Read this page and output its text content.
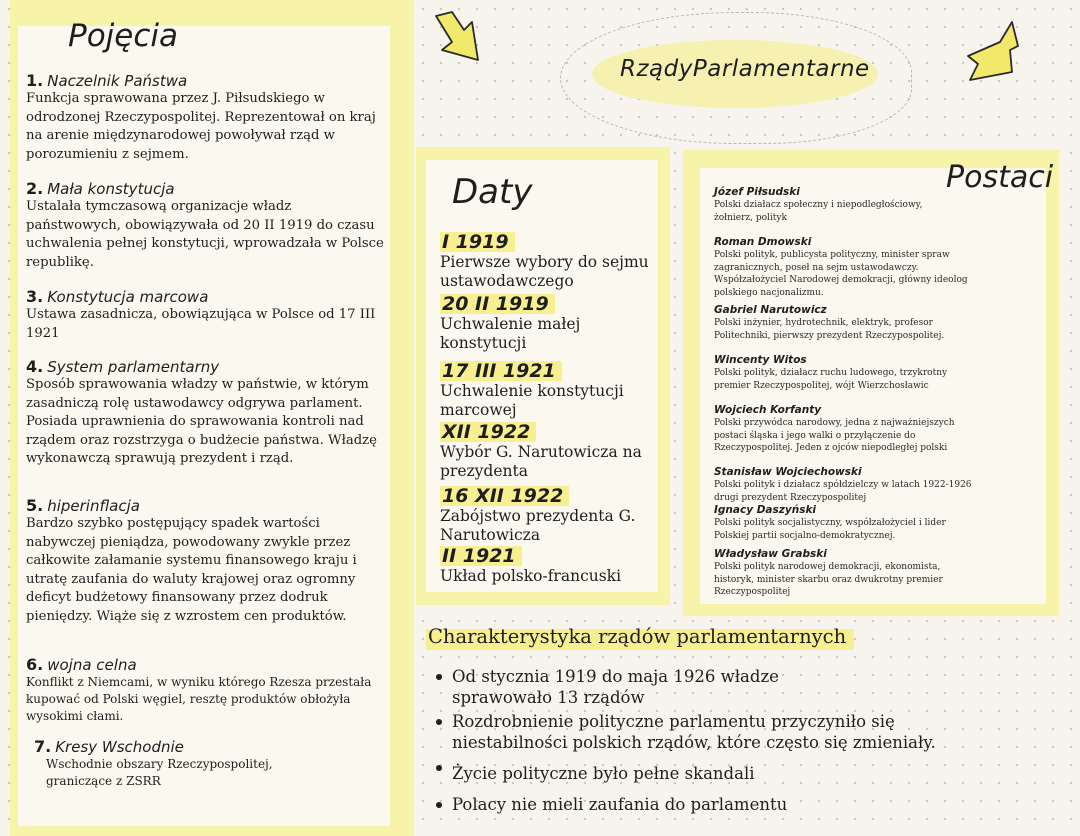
Pojęcia
1. Naczelnik Państwa
Funkcja sprawowana przez J. Piłsudskiego w odrodzonej Rzeczypospolitej. Reprezentował on kraj na arenie międzynarodowej powoływał rząd w porozumieniu z sejmem.
2. Mała konstytucja
Ustalała tymczasową organizacje władz państwowych, obowiązywała od 20 II 1919 do czasu uchwalenia pełnej konstytucji, wprowadzała w Polsce republikę.
3. Konstytucja marcowa
Ustawa zasadnicza, obowiązująca w Polsce od 17 III 1921
4. System parlamentarny
Sposób sprawowania władzy w państwie, w którym zasadniczą rolę ustawodawcy odgrywa parlament. Posiada uprawnienia do sprawowania kontroli nad rządem oraz rozstrzyga o budżecie państwa. Władzę wykonawczą sprawują prezydent i rząd.
5. hiperinflacja
Bardzo szybko postępujący spadek wartości nabywczej pieniądza, powodowany zwykle przez całkowite załamanie systemu finansowego kraju i utratę zaufania do waluty krajowej oraz ogromny deficyt budżetowy finansowany przez dodruk pieniędzy. Wiąże się z wzrostem cen produktów.
6. wojna celna
Konflikt z Niemcami, w wyniku którego Rzesza przestała kupować od Polski węgiel, resztę produktów obłożyła wysokimi cłami.
7. Kresy Wschodnie
Wschodnie obszary Rzeczypospolitej, graniczące z ZSRR
RządyParlamentarne
Daty
I 1919
Pierwsze wybory do sejmu ustawodawczego
20 II 1919
Uchwalenie małej konstytucji
17 III 1921
Uchwalenie konstytucji marcowej
XII 1922
Wybór G. Narutowicza na prezydenta
16 XII 1922
Zabójstwo prezydenta G. Narutowicza
II 1921
Układ polsko-francuski
Postaci
Józef Piłsudski
Polski działacz społeczny i niepodległościowy, żołnierz, polityk
Roman Dmowski
Polski polityk, publicysta polityczny, minister spraw zagranicznych, poseł na sejm ustawodawczy. Współzałożyciel Narodowej demokracji, główny ideolog polskiego nacjonalizmu.
Gabriel Narutowicz
Polski inżynier, hydrotechnik, elektryk, profesor Politechniki, pierwszy prezydent Rzeczypospolitej.
Wincenty Witos
Polski polityk, działacz ruchu ludowego, trzykrotny premier Rzeczypospolitej, wójt Wierzchosławic
Wojciech Korfanty
Polski przywódca narodowy, jedna z najważniejszych postaci śląska i jego walki o przyłączenie do Rzeczypospolitej. Jeden z ojców niepodległej polski
Stanisław Wojciechowski
Polski polityk i działacz spółdzielczy w latach 1922-1926 drugi prezydent Rzeczypospolitej
Ignacy Daszyński
Polski polityk socjalistyczny, współzałożyciel i lider Polskiej partii socjalno-demokratycznej.
Władysław Grabski
Polski polityk narodowej demokracji, ekonomista, historyk, minister skarbu oraz dwukrotny premier Rzeczypospolitej
Charakterystyka rządów parlamentarnych
Od stycznia 1919 do maja 1926 władze sprawowało 13 rządów
Rozdrobnienie polityczne parlamentu przyczyniło się niestabilności polskich rządów, które często się zmieniały.
Życie polityczne było pełne skandali
Polacy nie mieli zaufania do parlamentu
